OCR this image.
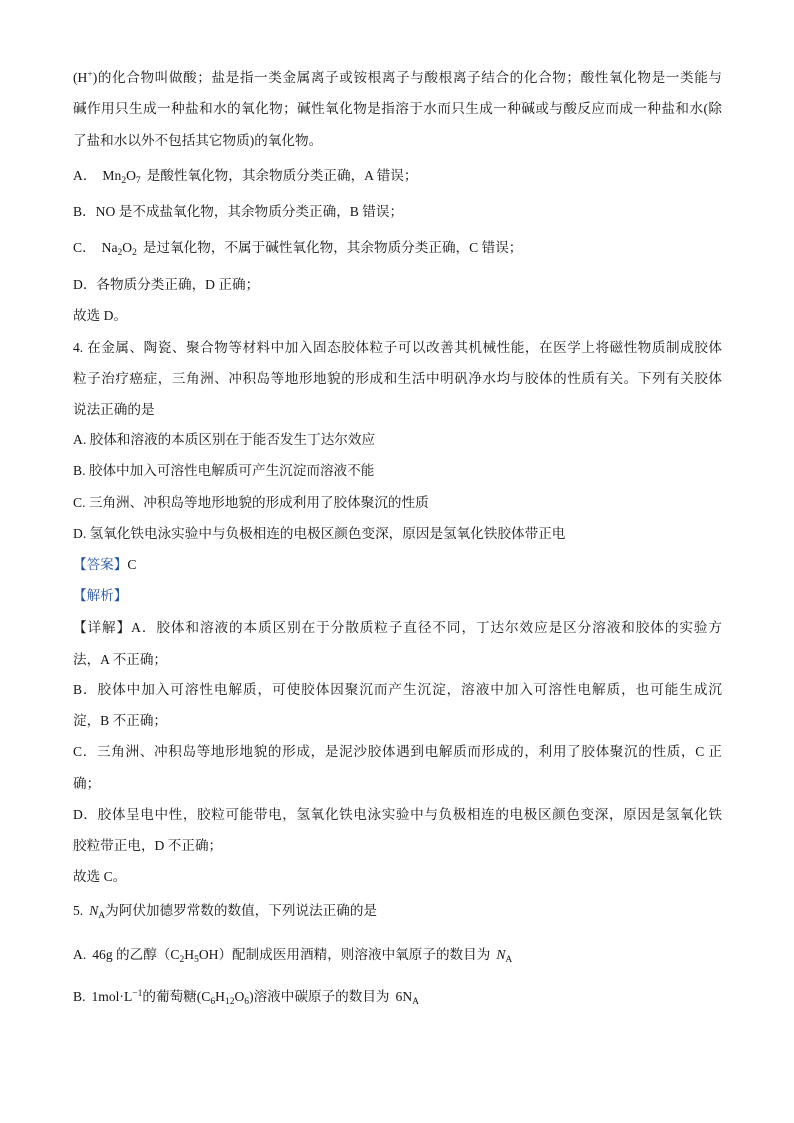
(H+)的化合物叫做酸；盐是指一类金属离子或铵根离子与酸根离子结合的化合物；酸性氧化物是一类能与
碱作用只生成一种盐和水的氧化物；碱性氧化物是指溶于水而只生成一种碱或与酸反应而成一种盐和水(除
了盐和水以外不包括其它物质)的氧化物。
A． $Mn_2O_7$ 是酸性氧化物，其余物质分类正确，A 错误；
B．NO 是不成盐氧化物，其余物质分类正确，B 错误；
C． $Na_2O_2$ 是过氧化物，不属于碱性氧化物，其余物质分类正确，C 错误；
D．各物质分类正确，D 正确；
故选 D。
4. 在金属、陶瓷、聚合物等材料中加入固态胶体粒子可以改善其机械性能，在医学上将磁性物质制成胶体
粒子治疗癌症，三角洲、冲积岛等地形地貌的形成和生活中明矾净水均与胶体的性质有关。下列有关胶体
说法正确的是
A. 胶体和溶液的本质区别在于能否发生丁达尔效应
B. 胶体中加入可溶性电解质可产生沉淀而溶液不能
C. 三角洲、冲积岛等地形地貌的形成利用了胶体聚沉的性质
D. 氢氧化铁电泳实验中与负极相连的电极区颜色变深，原因是氢氧化铁胶体带正电
【答案】C
【解析】
【详解】A．胶体和溶液的本质区别在于分散质粒子直径不同，丁达尔效应是区分溶液和胶体的实验方
法，A 不正确；
B．胶体中加入可溶性电解质，可使胶体因聚沉而产生沉淀，溶液中加入可溶性电解质，也可能生成沉
淀，B 不正确；
C．三角洲、冲积岛等地形地貌的形成，是泥沙胶体遇到电解质而形成的，利用了胶体聚沉的性质，C 正
确；
D．胶体呈电中性，胶粒可能带电，氢氧化铁电泳实验中与负极相连的电极区颜色变深，原因是氢氧化铁
胶粒带正电，D 不正确；
故选 C。
5. $N_A$为阿伏加德罗常数的数值，下列说法正确的是
A. 46g 的乙醇$(C_2H_5OH)$配制成医用酒精，则溶液中氧原子的数目为 $N_A$
B. $1mol\cdot L^{-1}$的葡萄糖$(C_6H_{12}O_6)$溶液中碳原子的数目为 $6N_A$
